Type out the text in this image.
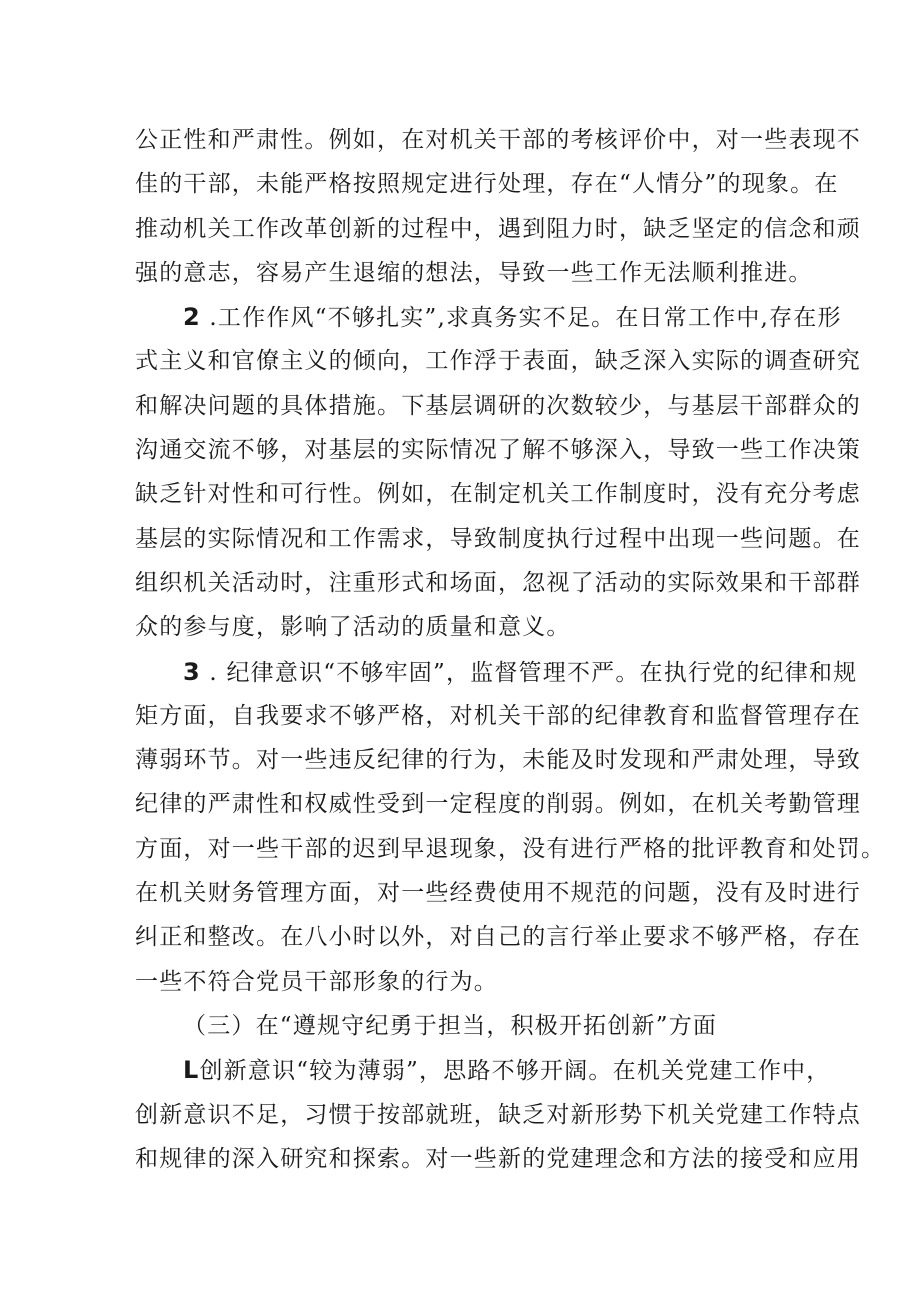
公正性和严肃性。例如，在对机关干部的考核评价中，对一些表现不
佳的干部，未能严格按照规定进行处理，存在“人情分”的现象。在
推动机关工作改革创新的过程中，遇到阻力时，缺乏坚定的信念和顽
强的意志，容易产生退缩的想法，导致一些工作无法顺利推进。
2 .工作作风“不够扎实”,求真务实不足。在日常工作中,存在形
式主义和官僚主义的倾向，工作浮于表面，缺乏深入实际的调查研究
和解决问题的具体措施。下基层调研的次数较少，与基层干部群众的
沟通交流不够，对基层的实际情况了解不够深入，导致一些工作决策
缺乏针对性和可行性。例如，在制定机关工作制度时，没有充分考虑
基层的实际情况和工作需求，导致制度执行过程中出现一些问题。在
组织机关活动时，注重形式和场面，忽视了活动的实际效果和干部群
众的参与度，影响了活动的质量和意义。
3 . 纪律意识“不够牢固”，监督管理不严。在执行党的纪律和规
矩方面，自我要求不够严格，对机关干部的纪律教育和监督管理存在
薄弱环节。对一些违反纪律的行为，未能及时发现和严肃处理，导致
纪律的严肃性和权威性受到一定程度的削弱。例如，在机关考勤管理
方面，对一些干部的迟到早退现象，没有进行严格的批评教育和处罚。
在机关财务管理方面，对一些经费使用不规范的问题，没有及时进行
纠正和整改。在八小时以外，对自己的言行举止要求不够严格，存在
一些不符合党员干部形象的行为。
（三）在“遵规守纪勇于担当，积极开拓创新”方面
L创新意识“较为薄弱”，思路不够开阔。在机关党建工作中，
创新意识不足，习惯于按部就班，缺乏对新形势下机关党建工作特点
和规律的深入研究和探索。对一些新的党建理念和方法的接受和应用
